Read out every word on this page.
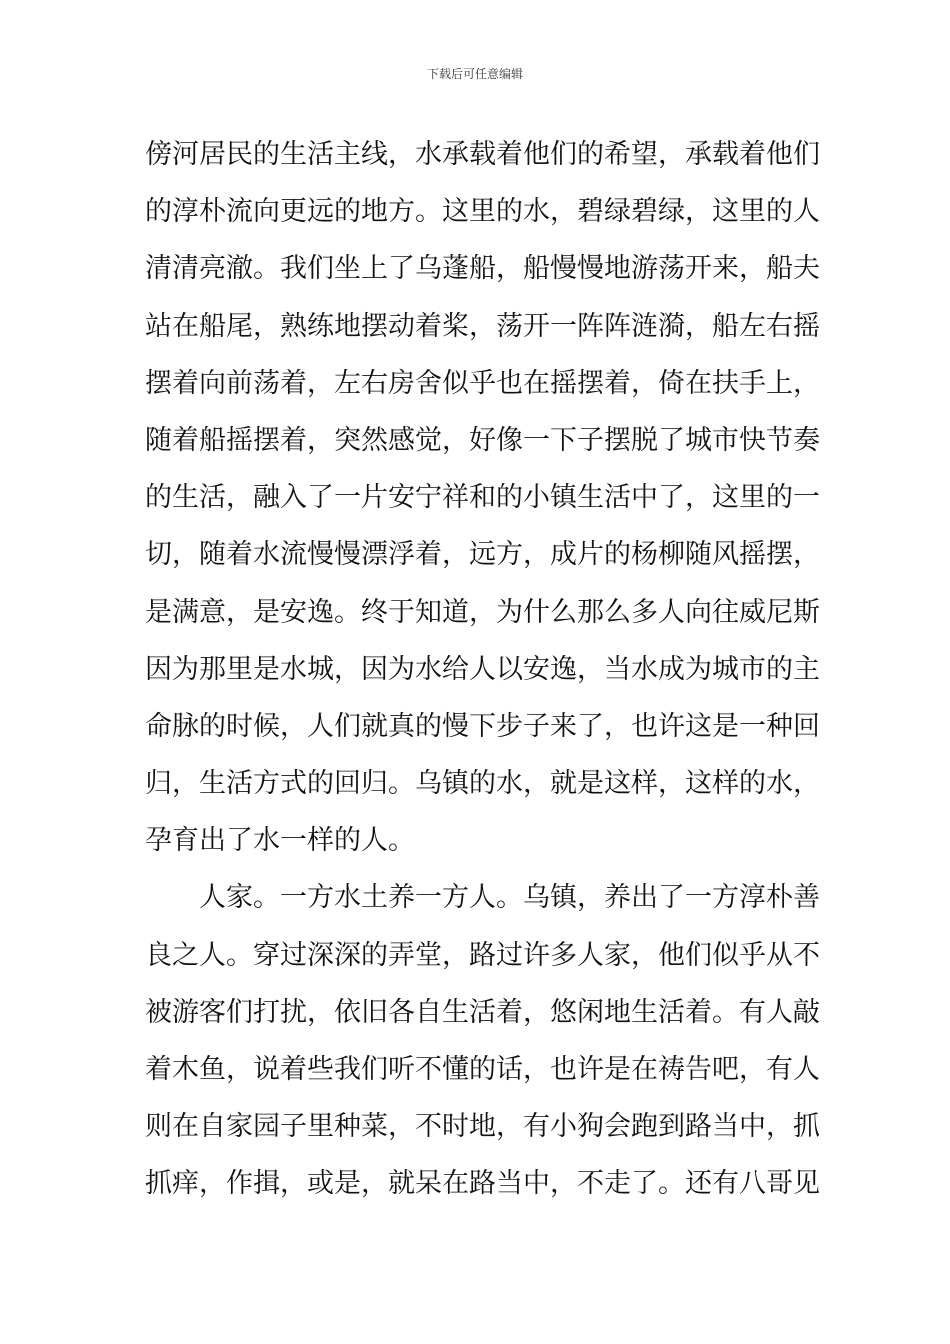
下载后可任意编辑
傍河居民的生活主线，水承载着他们的希望，承载着他们
的淳朴流向更远的地方。这里的水，碧绿碧绿，这里的人
清清亮澈。我们坐上了乌蓬船，船慢慢地游荡开来，船夫
站在船尾，熟练地摆动着桨，荡开一阵阵涟漪，船左右摇
摆着向前荡着，左右房舍似乎也在摇摆着，倚在扶手上，
随着船摇摆着，突然感觉，好像一下子摆脱了城市快节奏
的生活，融入了一片安宁祥和的小镇生活中了，这里的一
切，随着水流慢慢漂浮着，远方，成片的杨柳随风摇摆，
是满意，是安逸。终于知道，为什么那么多人向往威尼斯
因为那里是水城，因为水给人以安逸，当水成为城市的主
命脉的时候，人们就真的慢下步子来了，也许这是一种回
归，生活方式的回归。乌镇的水，就是这样，这样的水，
孕育出了水一样的人。
人家。一方水土养一方人。乌镇，养出了一方淳朴善
良之人。穿过深深的弄堂，路过许多人家，他们似乎从不
被游客们打扰，依旧各自生活着，悠闲地生活着。有人敲
着木鱼，说着些我们听不懂的话，也许是在祷告吧，有人
则在自家园子里种菜，不时地，有小狗会跑到路当中，抓
抓痒，作揖，或是，就呆在路当中，不走了。还有八哥见
